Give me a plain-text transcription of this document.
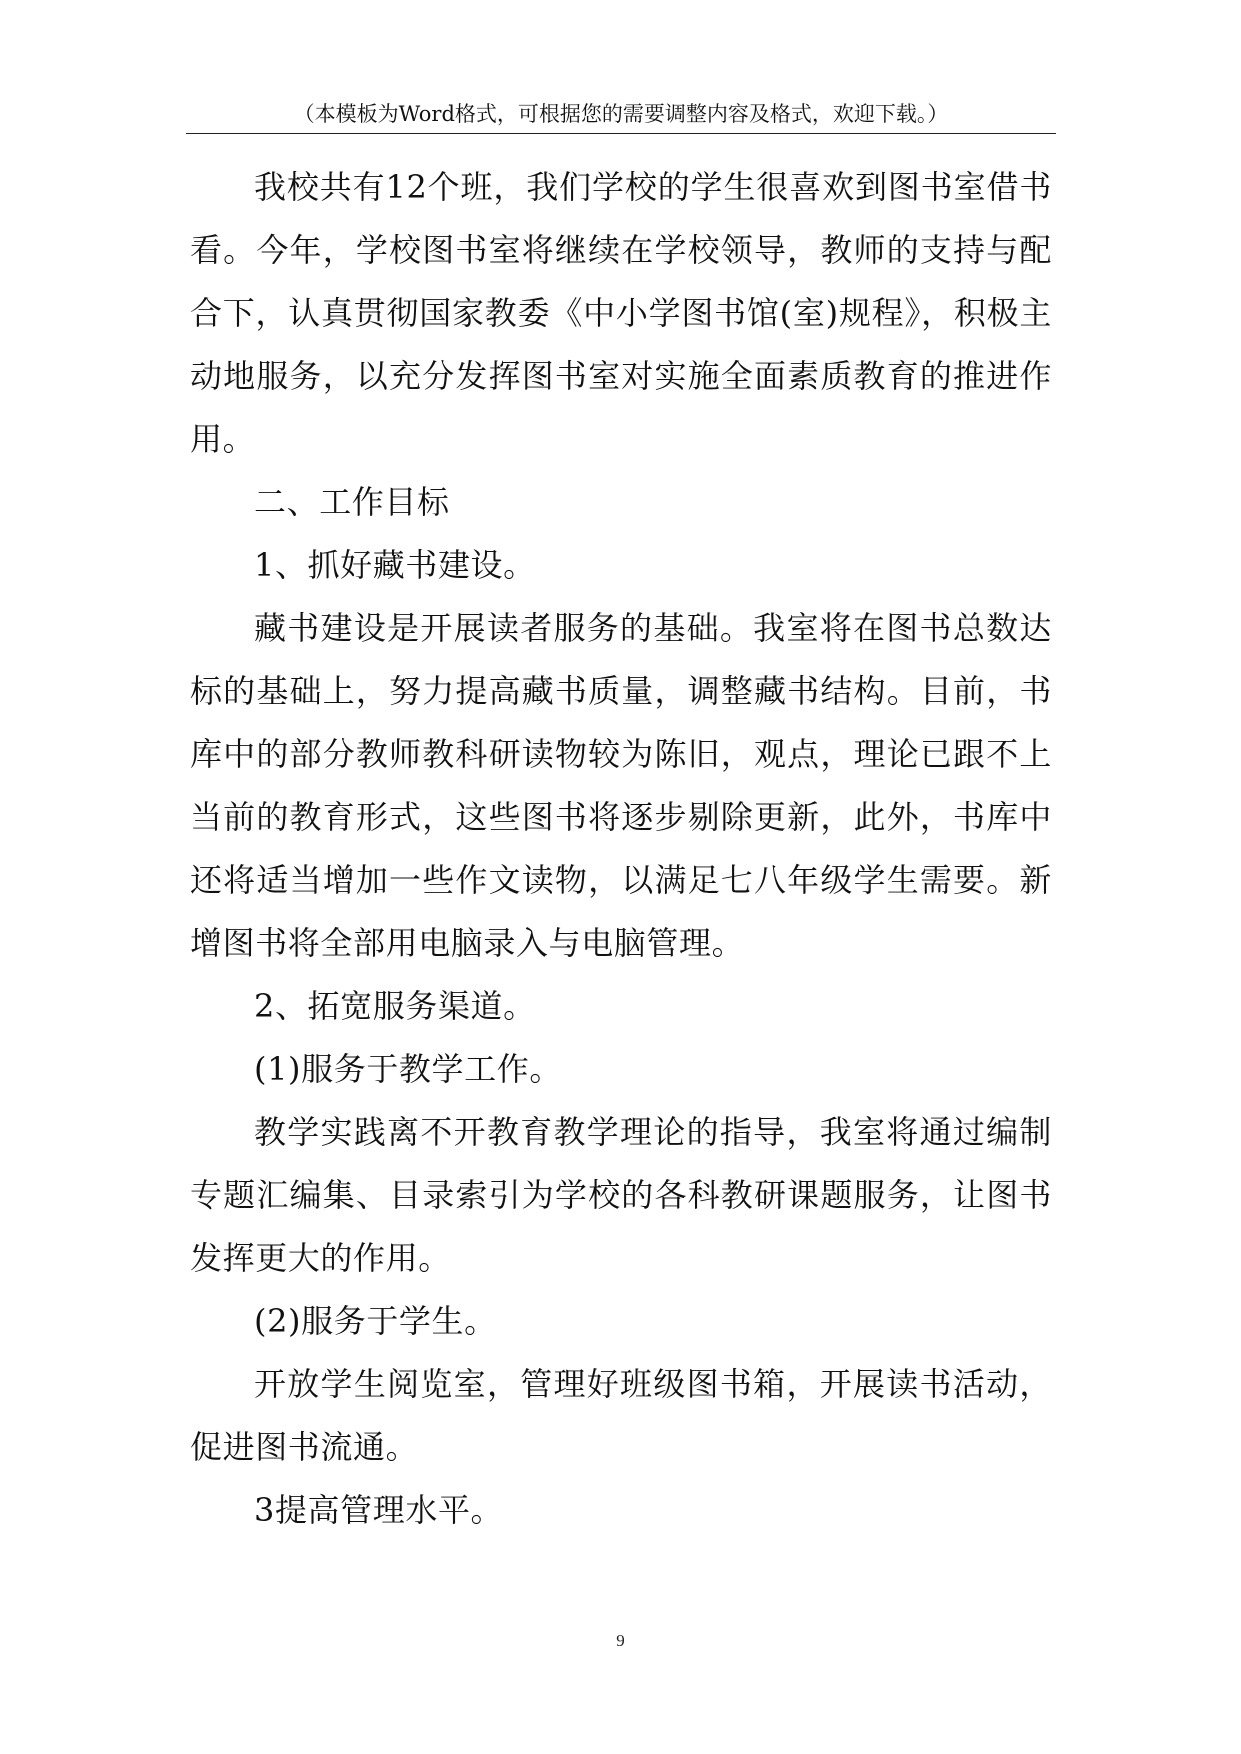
（本模板为Word格式，可根据您的需要调整内容及格式，欢迎下载。）

我校共有12个班，我们学校的学生很喜欢到图书室借书看。今年，学校图书室将继续在学校领导，教师的支持与配合下，认真贯彻国家教委《中小学图书馆(室)规程》，积极主动地服务，以充分发挥图书室对实施全面素质教育的推进作用。

二、工作目标

1、抓好藏书建设。

藏书建设是开展读者服务的基础。我室将在图书总数达标的基础上，努力提高藏书质量，调整藏书结构。目前，书库中的部分教师教科研读物较为陈旧，观点，理论已跟不上当前的教育形式，这些图书将逐步剔除更新，此外，书库中还将适当增加一些作文读物，以满足七八年级学生需要。新增图书将全部用电脑录入与电脑管理。

2、拓宽服务渠道。

(1)服务于教学工作。

教学实践离不开教育教学理论的指导，我室将通过编制专题汇编集、目录索引为学校的各科教研课题服务，让图书发挥更大的作用。

(2)服务于学生。

开放学生阅览室，管理好班级图书箱，开展读书活动，促进图书流通。

3提高管理水平。

9
